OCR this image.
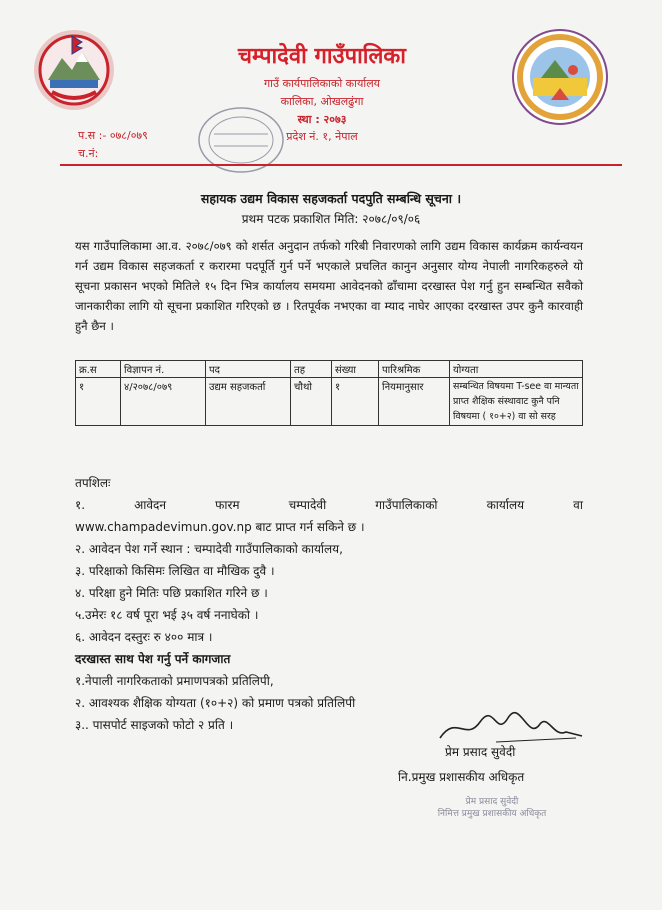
चम्पादेवी गाउँपालिका
गाउँ कार्यपालिकाको कार्यालय
कालिका, ओखलढुंगा
स्था : २०७३
प्रदेश नं. १, नेपाल
प.स :- ०७८/०७९
च.नं:
सहायक उद्यम विकास सहजकर्ता पदपुति सम्बन्धि सूचना ।
प्रथम पटक प्रकाशित मिति: २०७८/०९/०६
यस गाउँपालिकामा आ.व. २०७८/०७९ को शर्सत अनुदान तर्फको गरिबी निवारणको लागि उद्यम विकास कार्यक्रम कार्यन्वयन गर्न उद्यम विकास सहजकर्ता र करारमा पदपूर्ति गुर्न पर्ने भएकाले प्रचलित कानुन अनुसार योग्य नेपाली नागरिकहरुले यो सूचना प्रकासन भएको मितिले १५ दिन भित्र कार्यालय समयमा आवेदनको ढाँचामा दरखास्त पेश गर्नु हुन सम्बन्धित सवैको जानकारीका लागि यो सूचना प्रकाशित गरिएको छ । रितपूर्वक नभएका वा म्याद नाघेर आएका दरखास्त उपर कुनै कारवाही हुनै छैन ।
क्र.स	विज्ञापन नं.	पद	तह	संख्या	पारिश्रमिक	योग्यता
१	४/२०७८/०७९	उद्यम सहजकर्ता	चौथो	१	नियमानुसार	सम्बन्धित विषयमा T-see वा मान्यता प्राप्त शैक्षिक संस्थावाट कुनै पनि विषयमा ( १०+२) वा सो सरह
तपशिलः
१.	आवेदन	फारम	चम्पादेवी	गाउँपालिकाको	कार्यालय	वा
www.champadevimun.gov.np बाट प्राप्त गर्न सकिने छ ।
२. आवेदन पेश गर्ने स्थान : चम्पादेवी गाउँपालिकाको कार्यालय,
३. परिक्षाको किसिमः लिखित वा मौखिक दुवै ।
४. परिक्षा हुने मितिः पछि प्रकाशित गरिने छ ।
५.उमेरः १८ वर्ष पूरा भई ३५ वर्ष ननाघेको ।
६. आवेदन दस्तुरः रु ४०० मात्र ।
दरखास्त साथ पेश गर्नु पर्ने कागजात
१.नेपाली नागरिकताको प्रमाणपत्रको प्रतिलिपी,
२. आवश्यक शैक्षिक योग्यता (१०+२) को प्रमाण पत्रको प्रतिलिपी
३.. पासपोर्ट साइजको फोटो २ प्रति ।
प्रेम प्रसाद सुवेदी
नि.प्रमुख प्रशासकीय अधिकृत
प्रेम प्रसाद सुवेदी
निमित्त प्रमुख प्रशासकीय अधिकृत
